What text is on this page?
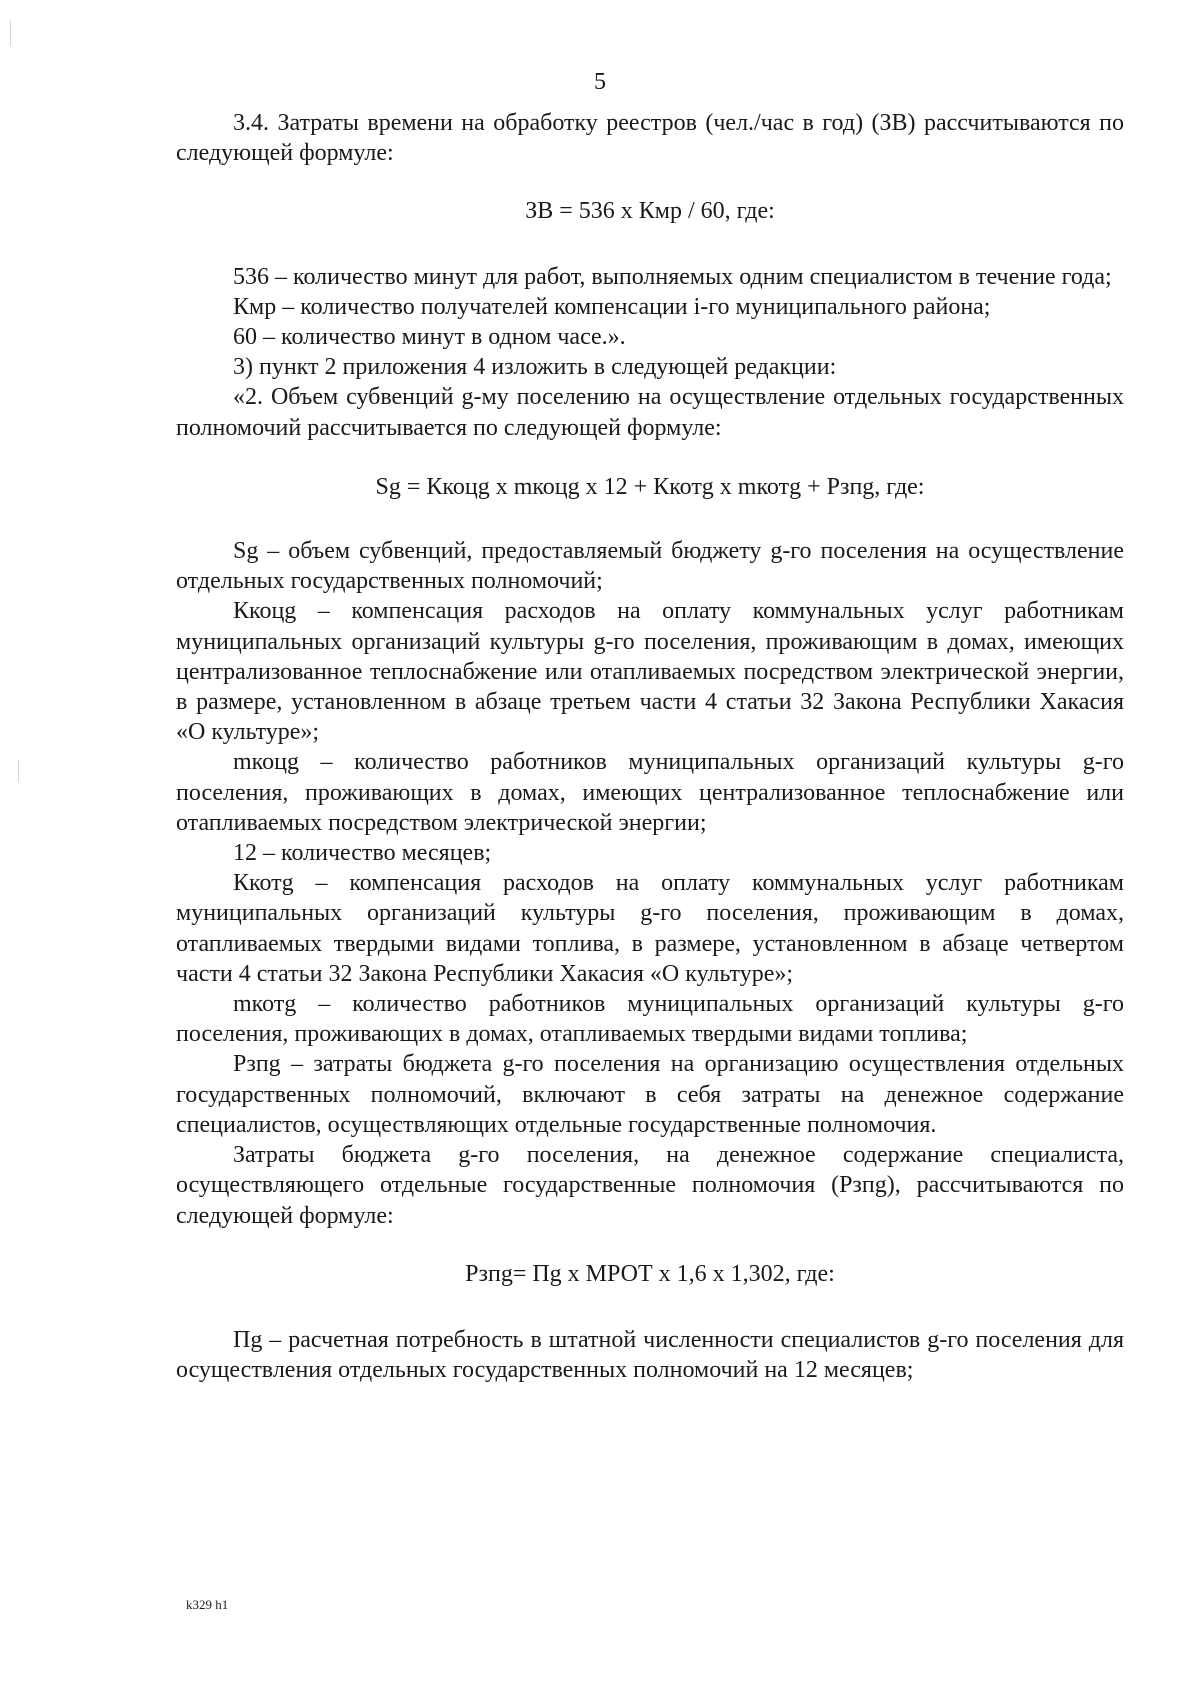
5

3.4. Затраты времени на обработку реестров (чел./час в год) (ЗВ) рассчитываются по следующей формуле:

ЗВ = 536 х Кмр / 60, где:

536 – количество минут для работ, выполняемых одним специалистом в течение года;

Кмр – количество получателей компенсации i-го муниципального района;

60 – количество минут в одном часе.».

3) пункт 2 приложения 4 изложить в следующей редакции:

«2. Объем субвенций g-му поселению на осуществление отдельных государственных полномочий рассчитывается по следующей формуле:

Sg = Ккоцg х mкоцg х 12 + Ккотg х mкотg + Рзпg, где:

Sg – объем субвенций, предоставляемый бюджету g-го поселения на осуществление отдельных государственных полномочий;

Ккоцg – компенсация расходов на оплату коммунальных услуг работникам муниципальных организаций культуры g-го поселения, проживающим в домах, имеющих централизованное теплоснабжение или отапливаемых посредством электрической энергии, в размере, установленном в абзаце третьем части 4 статьи 32 Закона Республики Хакасия «О культуре»;

mкоцg – количество работников муниципальных организаций культуры g-го поселения, проживающих в домах, имеющих централизованное теплоснабжение или отапливаемых посредством электрической энергии;

12 – количество месяцев;

Ккотg – компенсация расходов на оплату коммунальных услуг работникам муниципальных организаций культуры g-го поселения, проживающим в домах, отапливаемых твердыми видами топлива, в размере, установленном в абзаце четвертом части 4 статьи 32 Закона Республики Хакасия «О культуре»;

mкотg – количество работников муниципальных организаций культуры g-го поселения, проживающих в домах, отапливаемых твердыми видами топлива;

Рзпg – затраты бюджета g-го поселения на организацию осуществления отдельных государственных полномочий, включают в себя затраты на денежное содержание специалистов, осуществляющих отдельные государственные полномочия.

Затраты бюджета g-го поселения, на денежное содержание специалиста, осуществляющего отдельные государственные полномочия (Рзпg), рассчитываются по следующей формуле:

Рзпg= Пg х МРОТ х 1,6 х 1,302, где:

Пg – расчетная потребность в штатной численности специалистов g-го поселения для осуществления отдельных государственных полномочий на 12 месяцев;

k329 h1
